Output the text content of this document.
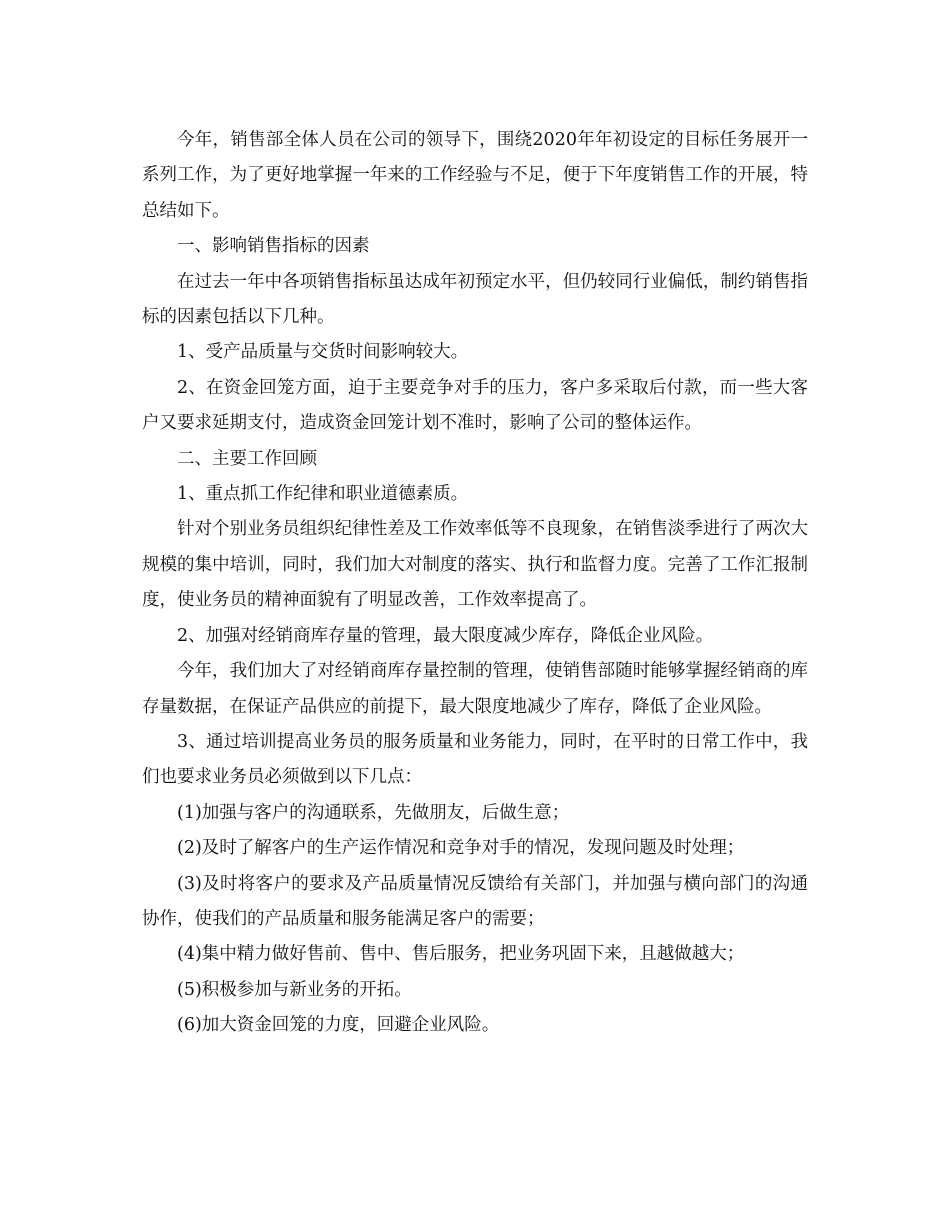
今年，销售部全体人员在公司的领导下，围绕2020年年初设定的目标任务展开一系列工作，为了更好地掌握一年来的工作经验与不足，便于下年度销售工作的开展，特总结如下。

一、影响销售指标的因素

在过去一年中各项销售指标虽达成年初预定水平，但仍较同行业偏低，制约销售指标的因素包括以下几种。

1、受产品质量与交货时间影响较大。

2、在资金回笼方面，迫于主要竞争对手的压力，客户多采取后付款，而一些大客户又要求延期支付，造成资金回笼计划不准时，影响了公司的整体运作。

二、主要工作回顾

1、重点抓工作纪律和职业道德素质。

针对个别业务员组织纪律性差及工作效率低等不良现象，在销售淡季进行了两次大规模的集中培训，同时，我们加大对制度的落实、执行和监督力度。完善了工作汇报制度，使业务员的精神面貌有了明显改善，工作效率提高了。

2、加强对经销商库存量的管理，最大限度减少库存，降低企业风险。

今年，我们加大了对经销商库存量控制的管理，使销售部随时能够掌握经销商的库存量数据，在保证产品供应的前提下，最大限度地减少了库存，降低了企业风险。

3、通过培训提高业务员的服务质量和业务能力，同时，在平时的日常工作中，我们也要求业务员必须做到以下几点：

(1)加强与客户的沟通联系，先做朋友，后做生意；

(2)及时了解客户的生产运作情况和竞争对手的情况，发现问题及时处理；

(3)及时将客户的要求及产品质量情况反馈给有关部门，并加强与横向部门的沟通协作，使我们的产品质量和服务能满足客户的需要；

(4)集中精力做好售前、售中、售后服务，把业务巩固下来，且越做越大；

(5)积极参加与新业务的开拓。

(6)加大资金回笼的力度，回避企业风险。
